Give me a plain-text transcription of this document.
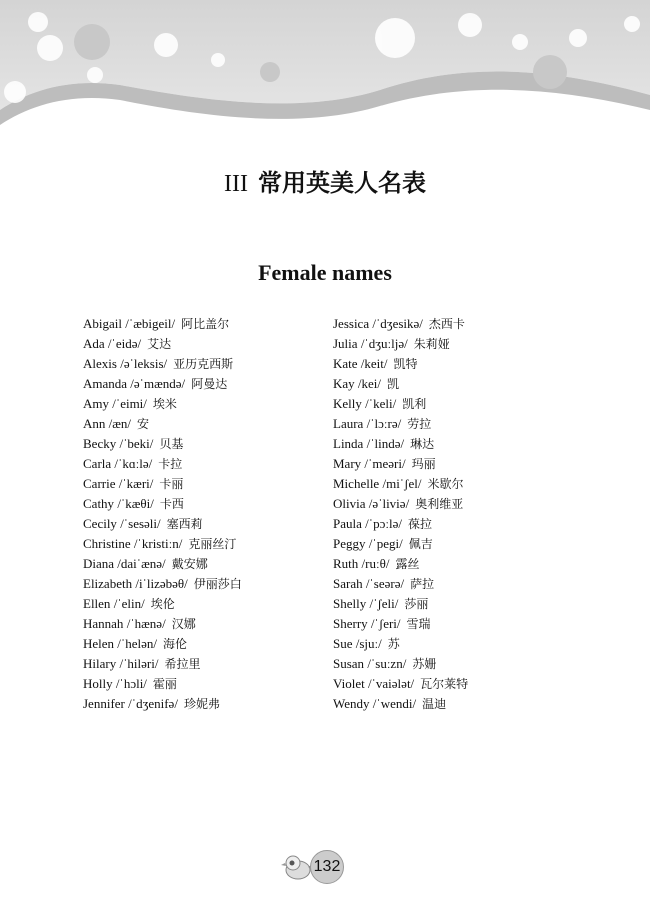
III 常用英美人名表
Female names
Abigail /ˈæbigeil/ 阿比盖尔
Ada /ˈeidə/ 艾达
Alexis /əˈleksis/ 亚历克西斯
Amanda /əˈmændə/ 阿曼达
Amy /ˈeimi/ 埃米
Ann /æn/ 安
Becky /ˈbeki/ 贝基
Carla /ˈkɑːlə/ 卡拉
Carrie /ˈkæri/ 卡丽
Cathy /ˈkæθi/ 卡西
Cecily /ˈsesəli/ 塞西莉
Christine /ˈkristiːn/ 克丽丝汀
Diana /daiˈænə/ 戴安娜
Elizabeth /iˈlizəbəθ/ 伊丽莎白
Ellen /ˈelin/ 埃伦
Hannah /ˈhænə/ 汉娜
Helen /ˈhelən/ 海伦
Hilary /ˈhiləri/ 希拉里
Holly /ˈhɔli/ 霍丽
Jennifer /ˈdʒenifə/ 珍妮弗
Jessica /ˈdʒesikə/ 杰西卡
Julia /ˈdʒuːljə/ 朱莉娅
Kate /keit/ 凯特
Kay /kei/ 凯
Kelly /ˈkeli/ 凯利
Laura /ˈlɔːrə/ 劳拉
Linda /ˈlində/ 琳达
Mary /ˈmeəri/ 玛丽
Michelle /miˈʃel/ 米歇尔
Olivia /əˈliviə/ 奥利维亚
Paula /ˈpɔːlə/ 葆拉
Peggy /ˈpegi/ 佩吉
Ruth /ruːθ/ 露丝
Sarah /ˈseərə/ 萨拉
Shelly /ˈʃeli/ 莎丽
Sherry /ˈʃeri/ 雪瑞
Sue /sjuː/ 苏
Susan /ˈsuːzn/ 苏姗
Violet /ˈvaiələt/ 瓦尔莱特
Wendy /ˈwendi/ 温迪
132
